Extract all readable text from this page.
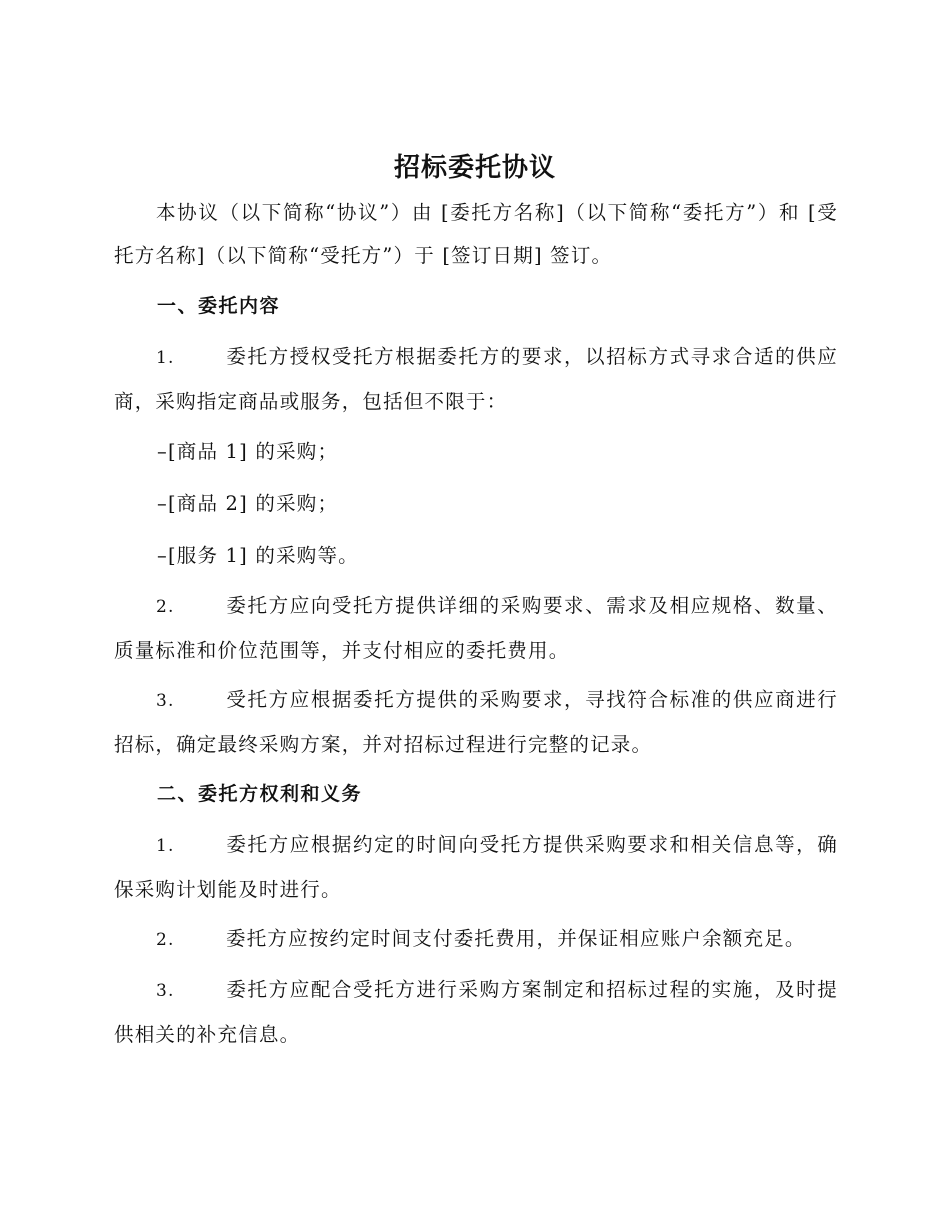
招标委托协议

本协议（以下简称“协议”）由 [委托方名称]（以下简称“委托方”）和 [受托方名称]（以下简称“受托方”）于 [签订日期] 签订。

一、委托内容

1.	委托方授权受托方根据委托方的要求，以招标方式寻求合适的供应商，采购指定商品或服务，包括但不限于：

–[商品 1] 的采购；
–[商品 2] 的采购；
–[服务 1] 的采购等。

2.	委托方应向受托方提供详细的采购要求、需求及相应规格、数量、质量标准和价位范围等，并支付相应的委托费用。

3.	受托方应根据委托方提供的采购要求，寻找符合标准的供应商进行招标，确定最终采购方案，并对招标过程进行完整的记录。

二、委托方权利和义务

1.	委托方应根据约定的时间向受托方提供采购要求和相关信息等，确保采购计划能及时进行。

2.	委托方应按约定时间支付委托费用，并保证相应账户余额充足。

3.	委托方应配合受托方进行采购方案制定和招标过程的实施，及时提供相关的补充信息。
